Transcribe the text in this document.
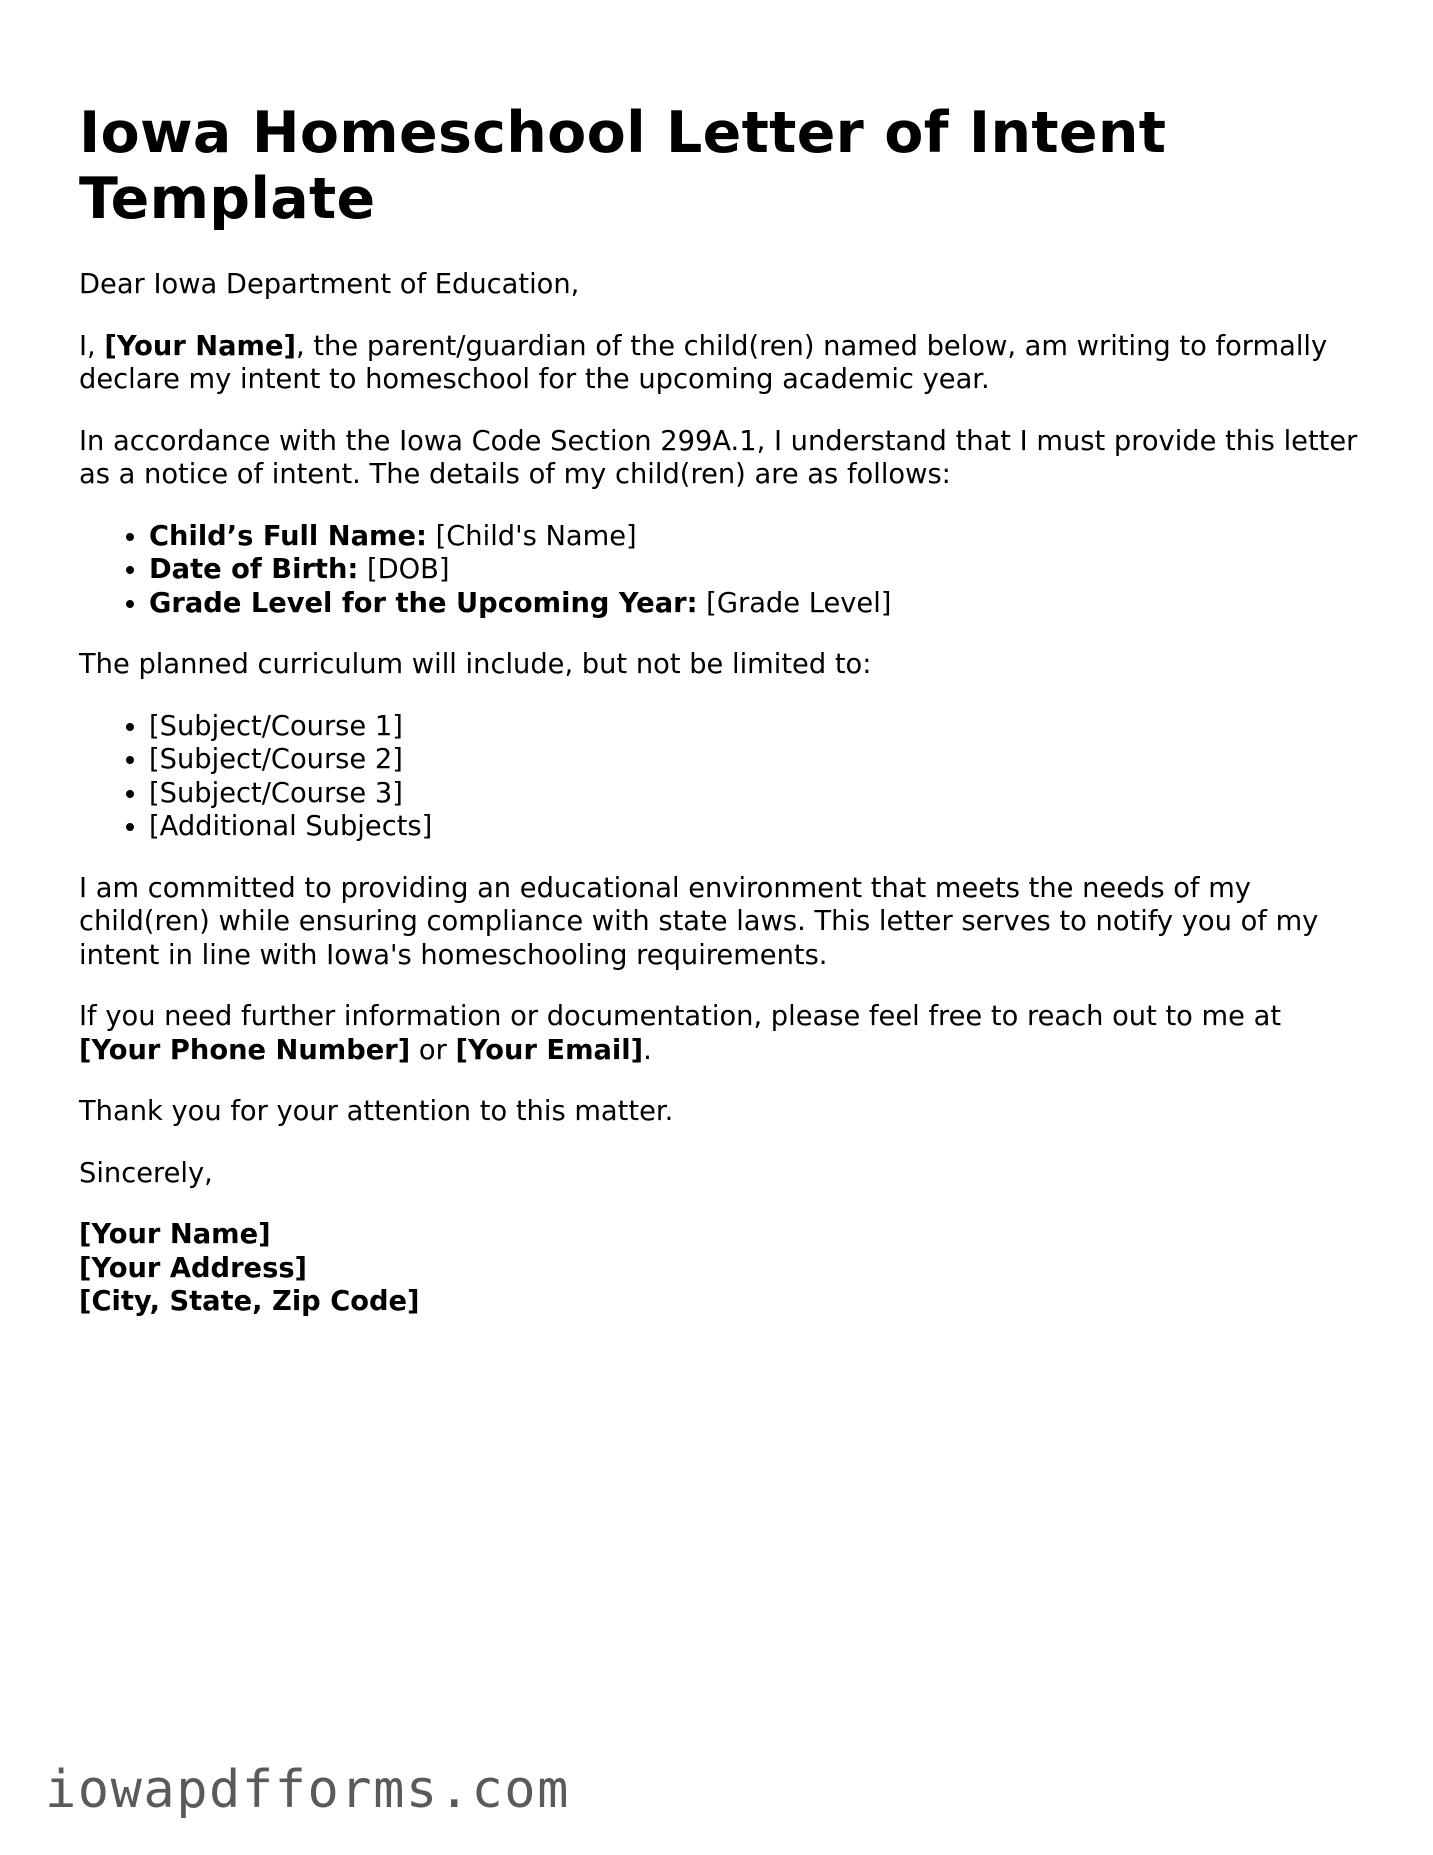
Iowa Homeschool Letter of Intent Template

Dear Iowa Department of Education,

I, [Your Name], the parent/guardian of the child(ren) named below, am writing to formally declare my intent to homeschool for the upcoming academic year.

In accordance with the Iowa Code Section 299A.1, I understand that I must provide this letter as a notice of intent. The details of my child(ren) are as follows:

• Child’s Full Name: [Child's Name]
• Date of Birth: [DOB]
• Grade Level for the Upcoming Year: [Grade Level]

The planned curriculum will include, but not be limited to:

• [Subject/Course 1]
• [Subject/Course 2]
• [Subject/Course 3]
• [Additional Subjects]

I am committed to providing an educational environment that meets the needs of my child(ren) while ensuring compliance with state laws. This letter serves to notify you of my intent in line with Iowa's homeschooling requirements.

If you need further information or documentation, please feel free to reach out to me at [Your Phone Number] or [Your Email].

Thank you for your attention to this matter.

Sincerely,

[Your Name]
[Your Address]
[City, State, Zip Code]

iowapdfforms.com
